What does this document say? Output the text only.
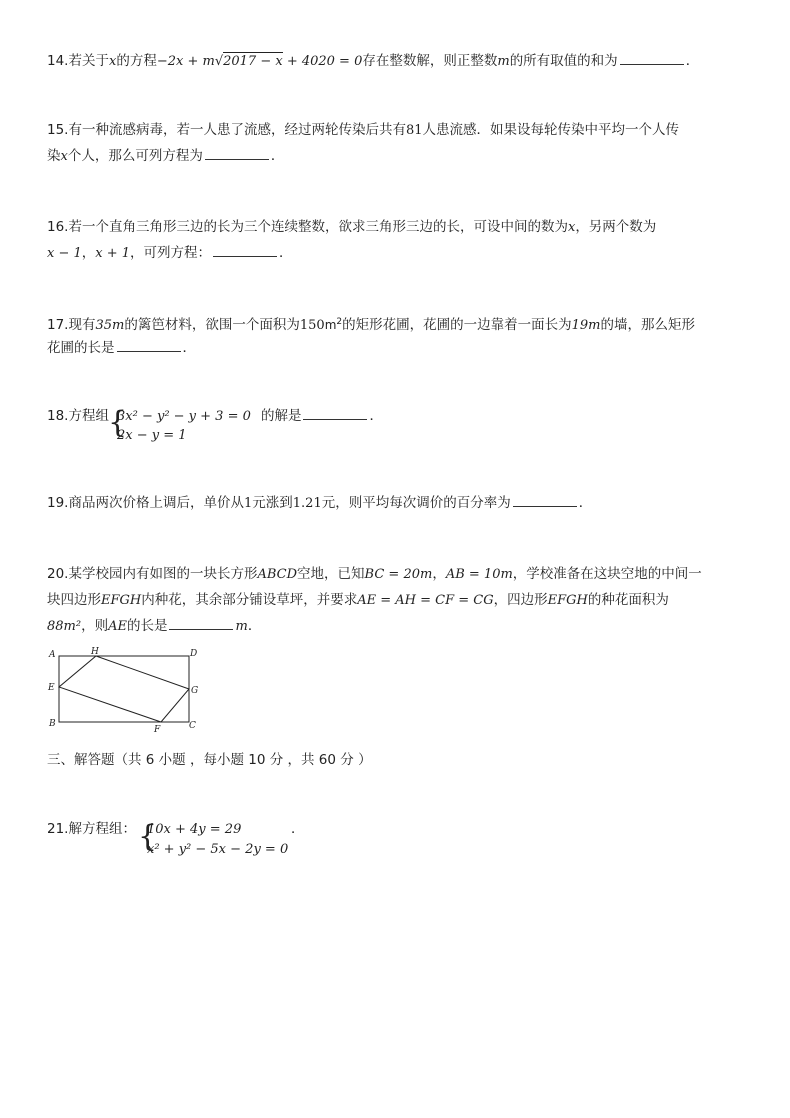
14.若关于x的方程−2x + m√2017 − x + 4020 = 0存在整数解，则正整数m的所有取值的和为	．
15.有一种流感病毒，若一人患了流感，经过两轮传染后共有81人患流感．如果设每轮传染中平均一个人传
染x个人，那么可列方程为	．
16.若一个直角三角形三边的长为三个连续整数，欲求三角形三边的长，可设中间的数为x，另两个数为
x − 1，x + 1，可列方程：	．
17.现有35m的篱笆材料，欲围一个面积为$150m^2$的矩形花圃，花圃的一边靠着一面长为19m的墙，那么矩形
花圃的长是	．
18.方程组	的解是	．
{
3x² − y² − y + 3 = 0
2x − y = 1
19.商品两次价格上调后，单价从1元涨到1.21元，则平均每次调价的百分率为	．
20.某学校园内有如图的一块长方形ABCD空地，已知BC = 20m，AB = 10m，学校准备在这块空地的中间一
块四边形EFGH内种花，其余部分铺设草坪，并要求AE = AH = CF = CG，四边形EFGH的种花面积为
88m²，则AE的长是	m．
A	H	D
E	G
B
F	C
三、解答题（共 6 小题 ，每小题 10 分 ，共 60 分 ）
21.解方程组：	．
{
10x + 4y = 29
x² + y² − 5x − 2y = 0
